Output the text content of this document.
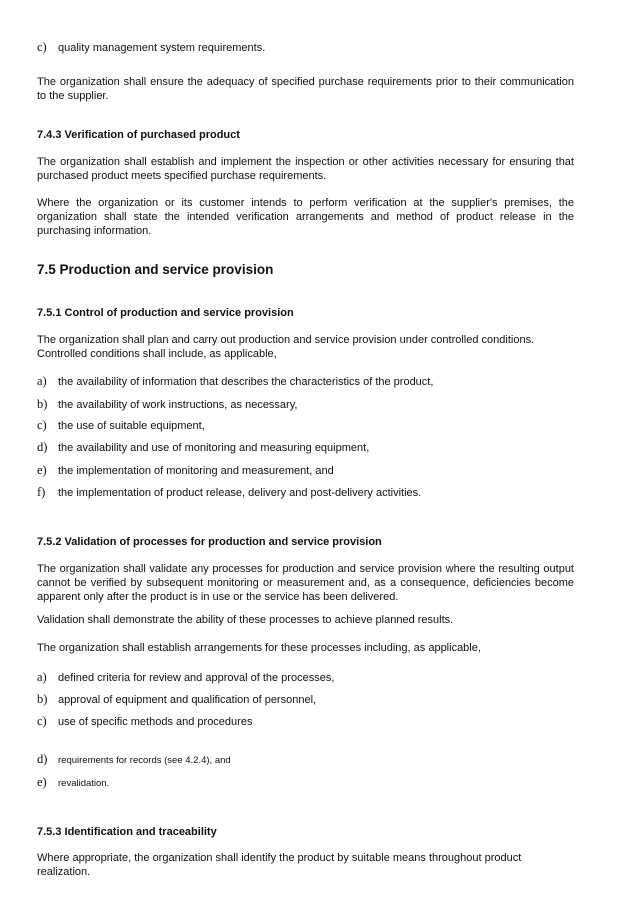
c) quality management system requirements.
The organization shall ensure the adequacy of specified purchase requirements prior to their communication to the supplier.
7.4.3 Verification of purchased product
The organization shall establish and implement the inspection or other activities necessary for ensuring that purchased product meets specified purchase requirements.
Where the organization or its customer intends to perform verification at the supplier's premises, the organization shall state the intended verification arrangements and method of product release in the purchasing information.
7.5 Production and service provision
7.5.1 Control of production and service provision
The organization shall plan and carry out production and service provision under controlled conditions.
Controlled conditions shall include, as applicable,
a) the availability of information that describes the characteristics of the product,
b) the availability of work instructions, as necessary,
c) the use of suitable equipment,
d) the availability and use of monitoring and measuring equipment,
e) the implementation of monitoring and measurement, and
f) the implementation of product release, delivery and post-delivery activities.
7.5.2 Validation of processes for production and service provision
The organization shall validate any processes for production and service provision where the resulting output cannot be verified by subsequent monitoring or measurement and, as a consequence, deficiencies become apparent only after the product is in use or the service has been delivered.
Validation shall demonstrate the ability of these processes to achieve planned results.
The organization shall establish arrangements for these processes including, as applicable,
a) defined criteria for review and approval of the processes,
b) approval of equipment and qualification of personnel,
c) use of specific methods and procedures
d) requirements for records (see 4.2.4), and
e) revalidation.
7.5.3 Identification and traceability
Where appropriate, the organization shall identify the product by suitable means throughout product realization.
